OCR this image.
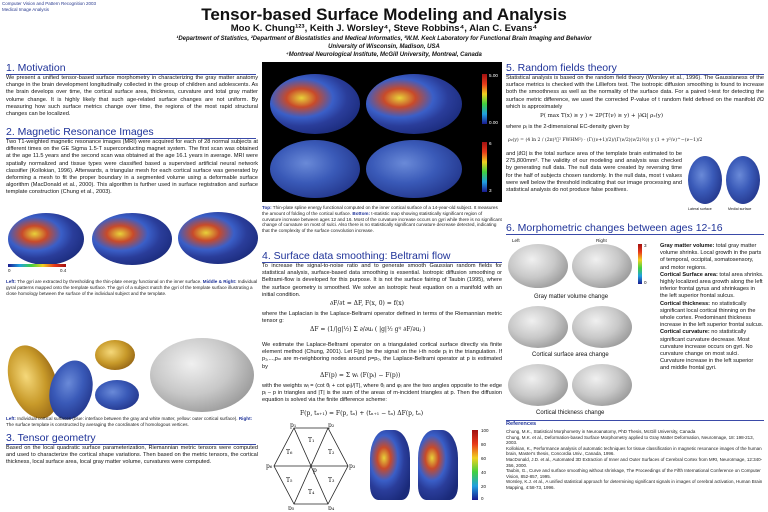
Computer Vision and Pattern Recognition 2003
Medical Image Analysis	Tensor-based Surface Modeling and Analysis
Moo K. Chung¹²³, Keith J. Worsley⁴, Steve Robbins⁴, Alan C. Evans⁴
¹Department of Statistics, ²Department of Biostatistics and Medical Informatics, ³W.M. Keck Laboratory for Functional Brain Imaging and Behavior
University of Wisconsin, Madison, USA
⁴Montreal Neurological Institute, McGill University, Montreal, Canada
1. Motivation
We present a unified tensor-based surface morphometry in characterizing the gray matter anatomy change in the brain development longitudinally collected in the group of children and adolescents. As the brain develops over time, the cortical surface area, thickness, curvature and total gray matter volume change. It is highly likely that such age-related surface changes are not uniform. By measuring how such surface metrics change over time, the regions of the most rapid structural changes can be localized.
2. Magnetic Resonance Images
Two T1-weighted magnetic resonance images (MRI) were acquired for each of 28 normal subjects at different times on the GE Sigma 1.5-T superconducting magnet system. The first scan was obtained at the age 11.5 years and the second scan was obtained at the age 16.1 years in average. MRI were spatially normalized and tissue types were classified based a supervised artificial neural network classifier (Kollokian, 1996). Afterwards, a triangular mesh for each cortical surface was generated by deforming a mesh to fit the proper boundary in a segmented volume using a deformable surface algorithm (MacDonald et al., 2000). This algorithm is further used in surface registration and surface template construction (Chung et al., 2003).
0	0.4
Left: The gyri are extracted by thresholding the thin-plate energy functional on the inner surface. Middle & Right: Individual gyral patterns mapped onto the template surface. The gyri of a subject match the gyri of the template surface illustrating a close homology between the surface of the individual subject and the template.
Left: Individual cortical surfaces (blue: interface between the gray and white matter, yellow: outer cortical surface). Right: The surface template is constructed by averaging the coordinates of homologous vertices.
3. Tensor geometry
Based on the local quadratic surface parameterization, Riemannian metric tensors were computed and used to characterize the cortical shape variations. Then based on the metric tensors, the cortical thickness, local surface area, local gray matter volume, curvatures were computed.
5.00
0.00
6
3
Top: Thin-plate spline energy functional computed on the inner cortical surface of a 14-year-old subject. It measures the amount of folding of the cortical surface. Bottom: t-statistic map showing statistically significant region of curvature increase between ages 12 and 16. Most of the curvature increase occurs on gyri while there is no significant change of curvature on most of sulci. Also there is no statistically significant curvature decrease detected, indicating that the complexity of the surface convolution increase.
4. Surface data smoothing: Beltrami flow
To increase the signal-to-noise ratio and to generate smooth Gaussian random fields for statistical analysis, surface-based data smoothing is essential. Isotropic diffusion smoothing or Beltrami-flow is developed for this purpose. It is not the surface fairing of Taubin (1995), where the surface geometry is smoothed. We solve an isotropic heat equation on a manifold with an initial condition.
∂F/∂t = ΔF, F(x, 0) = f(x)
where the Laplacian is the Laplace-Beltrami operator defined in terms of the Riemannian metric tensor g:
ΔF = (1/|g|½) Σ ∂/∂uᵢ ( |g|½ gⁱʲ ∂F/∂uⱼ )
We estimate the Laplace-Beltrami operator on a triangulated cortical surface directly via finite element method (Chung, 2001). Let F(p) be the signal on the i-th node pᵢ in the triangulation. If p₁,...,pₘ are m-neighboring nodes around p=p₀, the Laplace-Beltrami operator at p is estimated by
ΔF(p) = Σ wᵢ (F(pᵢ) − F(p))
with the weights wᵢ = (cot θᵢ + cot φᵢ)/|T|, where θᵢ and φᵢ are the two angles opposite to the edge pᵢ – p in triangles and |T| is the sum of the areas of m-incident triangles at p. Then the diffusion equation is solved via the finite difference scheme:
F(p, tₙ₊₁) = F(p, tₙ) + (tₙ₊₁ − tₙ) ΔF(p, tₙ)
p₁	p₂
p₃
p₄
p₅
p₆
p
T₁
T₂
T₃
T₄
T₅
T₆
100
80
60
40
20
0
5. Random fields theory
Statistical analysis is based on the random field theory (Worsley et al., 1996). The Gaussianess of the surface metrics is checked with the Lilliefors test. The isotropic diffusion smoothing is found to increase both the smoothness as well as the normality of the surface data. For a paired t-test for detecting the surface metric difference, we used the corrected P-value of t random field defined on the manifold ∂Ω which is approximately
P( max T(x) ≥ y ) ≈ 2P(T(ν) ≥ y) + |∂Ω| ρ₂(y)
where ρᵢ is the 2-dimensional EC-density given by
ρ₂(y) = (4 ln 2 / (2π)³᷵² FWHM²) · (Γ((ν+1)/2)/(Γ(ν/2)(ν/2)½)) y (1 + y²/ν)^−(ν−1)/2
and |∂Ω| is the total surface area of the template brain estimated to be 275,800mm². The validity of our modeling and analysis was checked by generating null data. The null data were created by reversing time for the half of subjects chosen randomly. In the null data, most t values were well below the threshold indicating that our image processing and statistical analysis do not produce false positives.
Lateral surface	Medial surface
6. Morphometric changes between ages 12-16
Left	Right
3
0
Gray matter volume change
Cortical surface area change
Cortical thickness change
Gray matter volume: total gray matter volume shrinks. Local growth in the parts of temporal, occipital, somatosensory, and motor regions.
Cortical Surface area: total area shrinks. highly localized area growth along the left inferior frontal gyrus and shrinkages in the left superior frontal sulcus.
Cortical thickness: no statistically significant local cortical thinning on the whole cortex. Predominant thickness increase in the left superior frontal sulcus.
Cortical curvature: no statistically significant curvature decrease. Most curvature increase occurs on gyri. No curvature change on most sulci. Curvature increase in the left superior and middle frontal gyri.
References
Chung, M.K., Statistical Morphometry in Neuroanatomy, PhD Thesis, McGill University, Canada
Chung, M.K. et al., Deformation-based Surface Morphometry applied to Gray Matter Deformation, NeuroImage, 18: 198-213, 2003.
Kollokian, K., Performance analysis of automatic techniques for tissue classification in magnetic resonance images of the human brain, Master's thesis, Concordia Univ., Canada, 1996.
MacDonald, J.D. et al., Automated 3D Extraction of Inner and Outer Surfaces of Cerebral Cortex from MRI, NeuroImage, 12:340-356, 2000.
Taubin, G., Curve and surface smoothing without shrinkage, The Proceedings of the Fifth International Conference on Computer Vision, 852-857, 1995.
Worsley, K.J. et al., A unified statistical approach for determining significant signals in images of cerebral activation, Human Brain Mapping, 4:58-73, 1996.
